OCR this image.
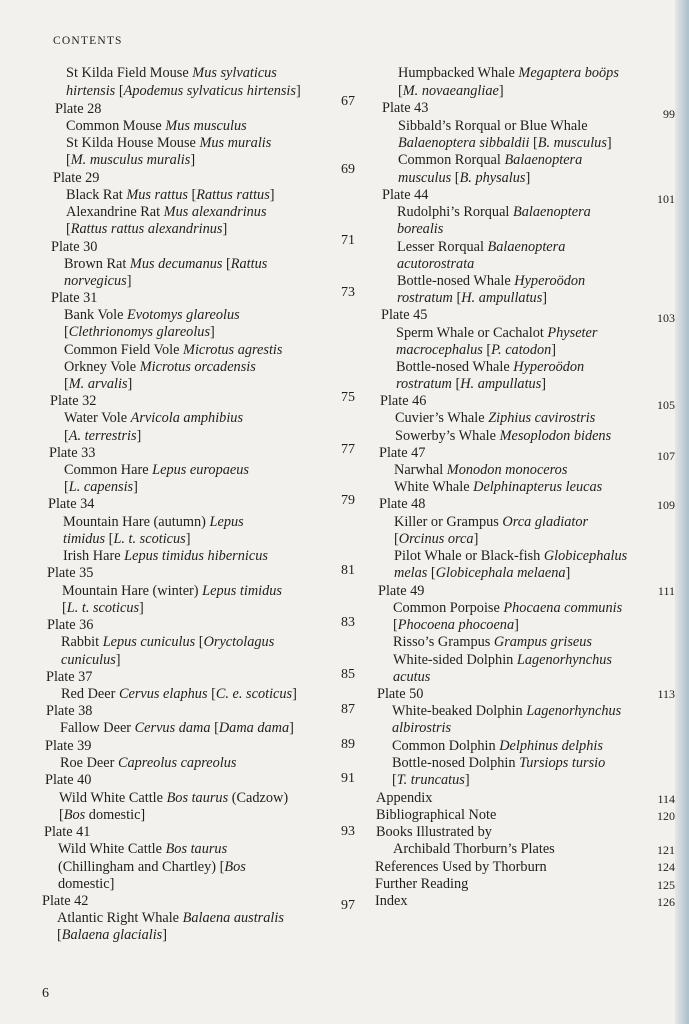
CONTENTS
St Kilda Field Mouse Mus sylvaticus
hirtensis [Apodemus sylvaticus hirtensis]
Plate 28
Common Mouse Mus musculus
St Kilda House Mouse Mus muralis
[M. musculus muralis]
Plate 29
Black Rat Mus rattus [Rattus rattus]
Alexandrine Rat Mus alexandrinus
[Rattus rattus alexandrinus]
Plate 30
Brown Rat Mus decumanus [Rattus
norvegicus]
Plate 31
Bank Vole Evotomys glareolus
[Clethrionomys glareolus]
Common Field Vole Microtus agrestis
Orkney Vole Microtus orcadensis
[M. arvalis]
Plate 32
Water Vole Arvicola amphibius
[A. terrestris]
Plate 33
Common Hare Lepus europaeus
[L. capensis]
Plate 34
Mountain Hare (autumn) Lepus
timidus [L. t. scoticus]
Irish Hare Lepus timidus hibernicus
Plate 35
Mountain Hare (winter) Lepus timidus
[L. t. scoticus]
Plate 36
Rabbit Lepus cuniculus [Oryctolagus
cuniculus]
Plate 37
Red Deer Cervus elaphus [C. e. scoticus]
Plate 38
Fallow Deer Cervus dama [Dama dama]
Plate 39
Roe Deer Capreolus capreolus
Plate 40
Wild White Cattle Bos taurus (Cadzow)
[Bos domestic]
Plate 41
Wild White Cattle Bos taurus
(Chillingham and Chartley) [Bos
domestic]
Plate 42
Atlantic Right Whale Balaena australis
[Balaena glacialis]
67
69
71
73
75
77
79
81
83
85
87
89
91
93
97
Humpbacked Whale Megaptera boöps
[M. novaeangliae]
Plate 43
Sibbald’s Rorqual or Blue Whale
Balaenoptera sibbaldii [B. musculus]
Common Rorqual Balaenoptera
musculus [B. physalus]
Plate 44
Rudolphi’s Rorqual Balaenoptera
borealis
Lesser Rorqual Balaenoptera
acutorostrata
Bottle-nosed Whale Hyperoödon
rostratum [H. ampullatus]
Plate 45
Sperm Whale or Cachalot Physeter
macrocephalus [P. catodon]
Bottle-nosed Whale Hyperoödon
rostratum [H. ampullatus]
Plate 46
Cuvier’s Whale Ziphius cavirostris
Sowerby’s Whale Mesoplodon bidens
Plate 47
Narwhal Monodon monoceros
White Whale Delphinapterus leucas
Plate 48
Killer or Grampus Orca gladiator
[Orcinus orca]
Pilot Whale or Black-fish Globicephalus
melas [Globicephala melaena]
Plate 49
Common Porpoise Phocaena communis
[Phocoena phocoena]
Risso’s Grampus Grampus griseus
White-sided Dolphin Lagenorhynchus
acutus
Plate 50
White-beaked Dolphin Lagenorhynchus
albirostris
Common Dolphin Delphinus delphis
Bottle-nosed Dolphin Tursiops tursio
[T. truncatus]
Appendix
Bibliographical Note
Books Illustrated by
Archibald Thorburn’s Plates
References Used by Thorburn
Further Reading
Index
99
101
103
105
107
109
111
113
114
120
121
124
125
126
6
